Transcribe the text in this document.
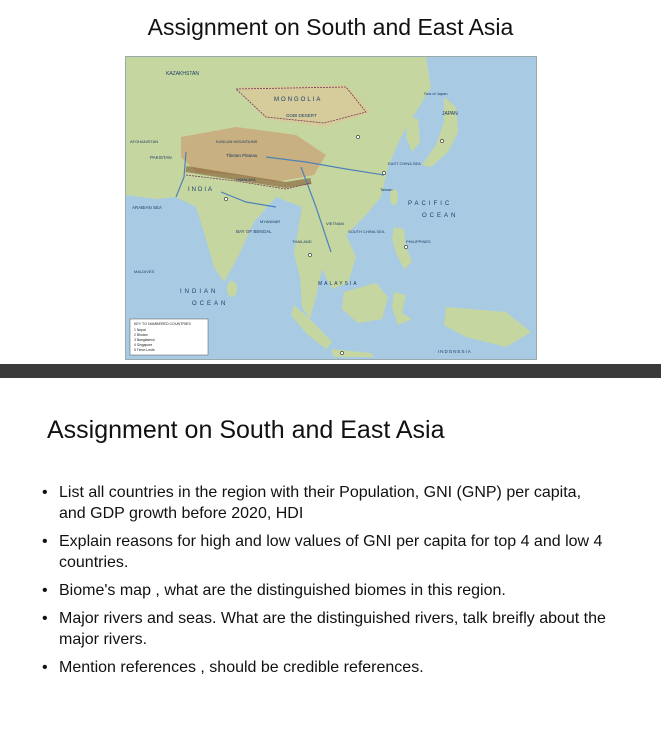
Assignment on South and East Asia
KAZAKHSTAN
MONGOLIA
GOBI DESERT	JAPAN
Sea of Japan
EAST CHINA SEA
Tibetan Plateau
KUNLUN MOUNTAINS
HIMALAYA
PAKISTAN
AFGHANISTAN
INDIA
ARABIAN SEA
BAY OF BENGAL
MYANMAR
THAILAND
VIETNAM
SOUTH CHINA SEA
PHILIPPINES
MALAYSIA
INDONESIA
PACIFIC
OCEAN
INDIAN
OCEAN
MALDIVES
Taiwan
KEY TO NUMBERED COUNTRIES
1 Nepal
2 Bhutan
3 Bangladesh
4 Singapore
5 Timor-Leste
Assignment on South and East Asia
• List all countries in the region with their Population, GNI (GNP) per capita, and GDP growth before 2020, HDI
• Explain reasons for high and low values of GNI per capita for top 4 and low 4 countries.
• Biome's map , what are the distinguished biomes in this region.
• Major rivers and seas. What are the distinguished rivers, talk breifly about the major rivers.
• Mention references , should be credible references.
